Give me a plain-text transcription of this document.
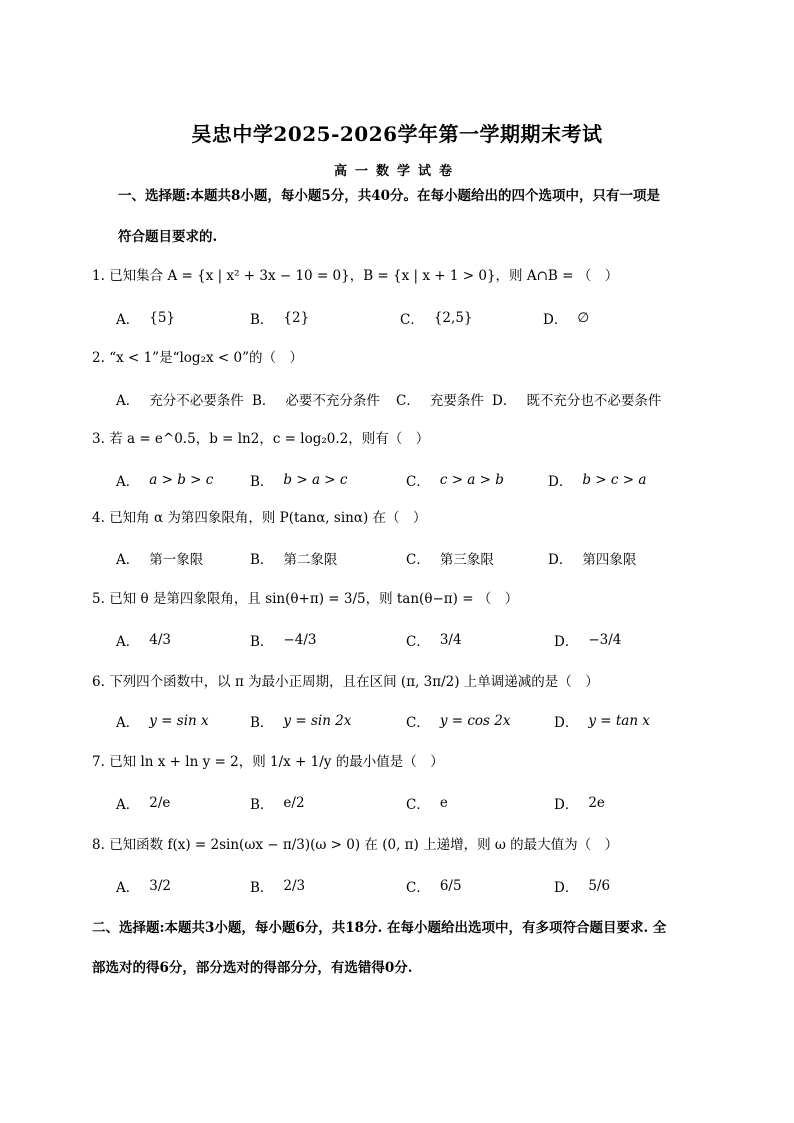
吴忠中学2025-2026学年第一学期期末考试
高一数学试卷
一、选择题:本题共8小题，每小题5分，共40分。在每小题给出的四个选项中，只有一项是
符合题目要求的.
1. 已知集合 A = {x | x² + 3x − 10 = 0}，B = {x | x + 1 > 0}，则 A∩B = （　）
A． {5}	B． {2}	C． {2,5}	D． ∅
2. “x < 1”是“log₂x < 0”的（　）
A． 充分不必要条件 B． 必要不充分条件 C． 充要条件 D． 既不充分也不必要条件
3. 若 a = e^0.5，b = ln2，c = log₂0.2，则有（　）
A． a > b > c	B． b > a > c	C． c > a > b	D． b > c > a
4. 已知角 α 为第四象限角，则 P(tanα, sinα) 在（　）
A． 第一象限	B． 第二象限	C． 第三象限	D． 第四象限
5. 已知 θ 是第四象限角，且 sin(θ+π) = 3/5，则 tan(θ−π) = （　）
A． 4/3	B． −4/3	C． 3/4	D． −3/4
6. 下列四个函数中，以 π 为最小正周期，且在区间 (π, 3π/2) 上单调递减的是（　）
A． y = sin x	B． y = sin 2x	C． y = cos 2x	D． y = tan x
7. 已知 ln x + ln y = 2，则 1/x + 1/y 的最小值是（　）
A． 2/e	B． e/2	C． e	D． 2e
8. 已知函数 f(x) = 2sin(ωx − π/3)(ω > 0) 在 (0, π) 上递增，则 ω 的最大值为（　）
A． 3/2	B． 2/3	C． 6/5	D． 5/6
二、选择题:本题共3小题，每小题6分，共18分. 在每小题给出选项中，有多项符合题目要求. 全
部选对的得6分，部分选对的得部分分，有选错得0分.
